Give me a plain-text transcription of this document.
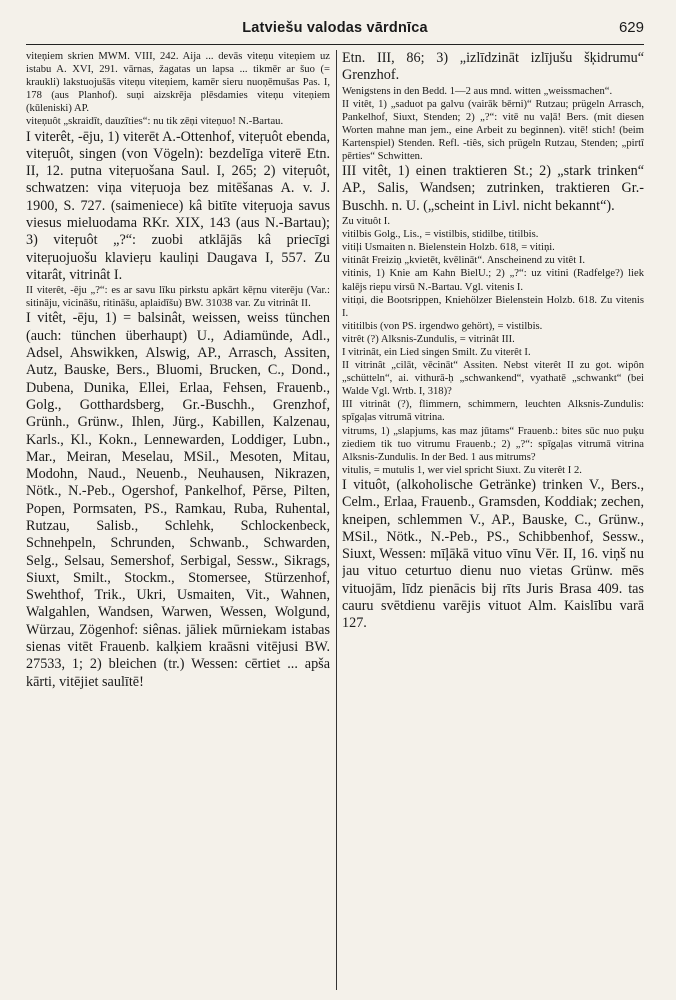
Latviešu valodas vārdnīca	629

viteņiem skrien MWM. VIII, 242. Aija ... devās viteņu viteņiem uz istabu A. XVI, 291. vārnas, žagatas un lapsa ... tikmēr ar šuo (= kraukli) lakstuojušās viteņu viteņiem, kamēr sieru nuoņēmušas Pas. I, 178 (aus Planhof). suņi aizskrēja plēsdamies viteņu viteņiem (kūleniski) AP.

viteņuôt „skraidīt, dauzīties“: nu tik zēņi viteņuo! N.-Bartau.

I viterêt, -ēju, 1) viterēt A.-Ottenhof, viteŗuôt ebenda, viteŗuôt, singen (von Vögeln): bezdelīga viterē Etn. II, 12. putna viteŗuošana Saul. I, 265; 2) viteŗuôt, schwatzen: viņa viteŗuoja bez mitēšanas A. v. J. 1900, S. 727. (saimeniece) kâ bitīte viteŗuoja savus viesus mieluodama RKr. XIX, 143 (aus N.-Bartau); 3) viteŗuôt „?“: zuobi atklājās kâ priecīgi viteŗuojuošu klavieŗu kauliņi Daugava I, 557. Zu vitarât, vitrinât I.

II viterêt, -ēju „?“: es ar savu līku pirkstu apkārt kēŗnu viterēju (Var.: sitināju, vicināšu, ritināšu, aplaidīšu) BW. 31038 var. Zu vitrinât II.

I vitêt, -ēju, 1) = balsinât, weissen, weiss tünchen (auch: tünchen überhaupt) U., Adiamünde, Adl., Adsel, Ahswikken, Alswig, AP., Arrasch, Assiten, Autz, Bauske, Bers., Bluomi, Brucken, C., Dond., Dubena, Dunika, Ellei, Erlaa, Fehsen, Frauenb., Golg., Gotthardsberg, Gr.-Buschh., Grenzhof, Grünh., Grünw., Ihlen, Jürg., Kabillen, Kalzenau, Karls., Kl., Kokn., Lennewarden, Loddiger, Lubn., Mar., Meiran, Meselau, MSil., Mesoten, Mitau, Modohn, Naud., Neuenb., Neuhausen, Nikrazen, Nötk., N.-Peb., Ogershof, Pankelhof, Pērse, Pilten, Popen, Pormsaten, PS., Ramkau, Ruba, Ruhental, Rutzau, Salisb., Schlehk, Schlockenbeck, Schnehpeln, Schrunden, Schwanb., Schwarden, Selg., Selsau, Semershof, Serbigal, Sessw., Sikrags, Siuxt, Smilt., Stockm., Stomersee, Stürzenhof, Swehthof, Trik., Ukri, Usmaiten, Vit., Wahnen, Walgahlen, Wandsen, Warwen, Wessen, Wolgund, Würzau, Zögenhof: siênas. jāliek mūrniekam istabas sienas vitēt Frauenb. kalķiem kraāsni vitējusi BW. 27533, 1; 2) bleichen (tr.) Wessen: cērtiet ... apša kārti, vitējiet saulītē!

Etn. III, 86; 3) „izlīdzināt izlījušu šķidrumu“ Grenzhof.

Wenigstens in den Bedd. 1—2 aus mnd. witten „weissmachen“.

II vitêt, 1) „saduot pa galvu (vairāk bērni)“ Rutzau; prügeln Arrasch, Pankelhof, Siuxt, Stenden; 2) „?“: vitē nu vaļā! Bers. (mit diesen Worten mahne man jem., eine Arbeit zu beginnen). vitē! stich! (beim Kartenspiel) Stenden. Refl. -tiês, sich prügeln Rutzau, Stenden; „pirtī pērties“ Schwitten.

III vitêt, 1) einen traktieren St.; 2) „stark trinken“ AP., Salis, Wandsen; zutrinken, traktieren Gr.-Buschh. n. U. („scheint in Livl. nicht bekannt“).

Zu vituôt I.

vitilbis Golg., Lis., = vistilbis, stidilbe, titilbis.

vitiļi Usmaiten n. Bielenstein Holzb. 618, = vitiņi.

vitinât Freiziņ „kvietēt, kvēlināt“. Anscheinend zu vitêt I.

vitinis, 1) Knie am Kahn BielU.; 2) „?“: uz vitini (Radfelge?) liek kalējs riepu virsū N.-Bartau. Vgl. vitenis I.

vitiņi, die Bootsrippen, Kniehölzer Bielenstein Holzb. 618. Zu vitenis I.

vititilbis (von PS. irgendwo gehört), = vistilbis.

vitrêt (?) Alksnis-Zundulis, = vitrinât III.

I vitrinât, ein Lied singen Smilt. Zu viterêt I.

II vitrinât „cilāt, vēcināt“ Assiten. Nebst viterêt II zu got. wipôn „schütteln“, ai. vithurā-ḥ „schwankend“, vyathatē „schwankt“ (bei Walde Vgl. Wrtb. I, 318)?

III vitrinât (?), flimmern, schimmern, leuchten Alksnis-Zundulis: spīgaļas vitrumā vitrina.

vitrums, 1) „slapjums, kas maz jūtams“ Frauenb.: bites sūc nuo puķu ziediem tik tuo vitrumu Frauenb.; 2) „?“: spīgaļas vitrumā vitrina Alksnis-Zundulis. In der Bed. 1 aus mitrums?

vitulis, = mutulis 1, wer viel spricht Siuxt. Zu viterêt I 2.

I vituôt, (alkoholische Getränke) trinken V., Bers., Celm., Erlaa, Frauenb., Gramsden, Koddiak; zechen, kneipen, schlemmen V., AP., Bauske, C., Grünw., MSil., Nötk., N.-Peb., PS., Schibbenhof, Sessw., Siuxt, Wessen: mīļākā vituo vīnu Vēr. II, 16. viņš nu jau vituo ceturtuo dienu nuo vietas Grünw. mēs vituojām, līdz pienācis bij rīts Juris Brasa 409. tas cauru svētdienu varējis vituot Alm. Kaislību varā 127.
